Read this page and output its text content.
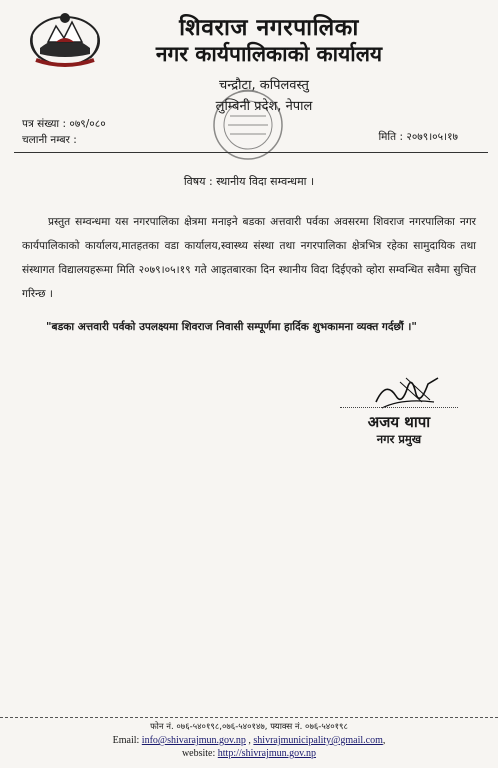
शिवराज नगरपालिका
नगर कार्यपालिकाको कार्यालय
चन्द्रौटा, कपिलवस्तु
लुम्बिनी प्रदेश, नेपाल
पत्र संख्या : ०७९/०८०
चलानी नम्बर :	मिति : २०७९।०५।१७
विषय : स्थानीय विदा सम्वन्धमा ।
प्रस्तुत सम्वन्धमा यस नगरपालिका क्षेत्रमा मनाइने बडका अत्तवारी पर्वका अवसरमा शिवराज नगरपालिका नगर कार्यपालिकाको कार्यालय,मातहतका वडा कार्यालय,स्वास्थ्य संस्था तथा नगरपालिका क्षेत्रभित्र रहेका सामुदायिक तथा संस्थागत विद्यालयहरूमा मिति २०७९।०५।१९ गते आइतबारका दिन स्थानीय विदा दिईएको व्होरा सम्वन्धित सवैमा सुचित गरिन्छ ।
"बडका अत्तवारी पर्वको उपलक्ष्यमा शिवराज निवासी सम्पूर्णमा हार्दिक शुभकामना व्यक्त गर्दछौं ।"
अजय थापा
नगर प्रमुख
फोन नं. ०७६-५४०१९८,०७६-५४०१४७, फ्याक्स नं. ०७६-५४०१९८
Email: info@shivarajmun.gov.np , shivrajmunicipality@gmail.com,
website: http://shivrajmun.gov.np
